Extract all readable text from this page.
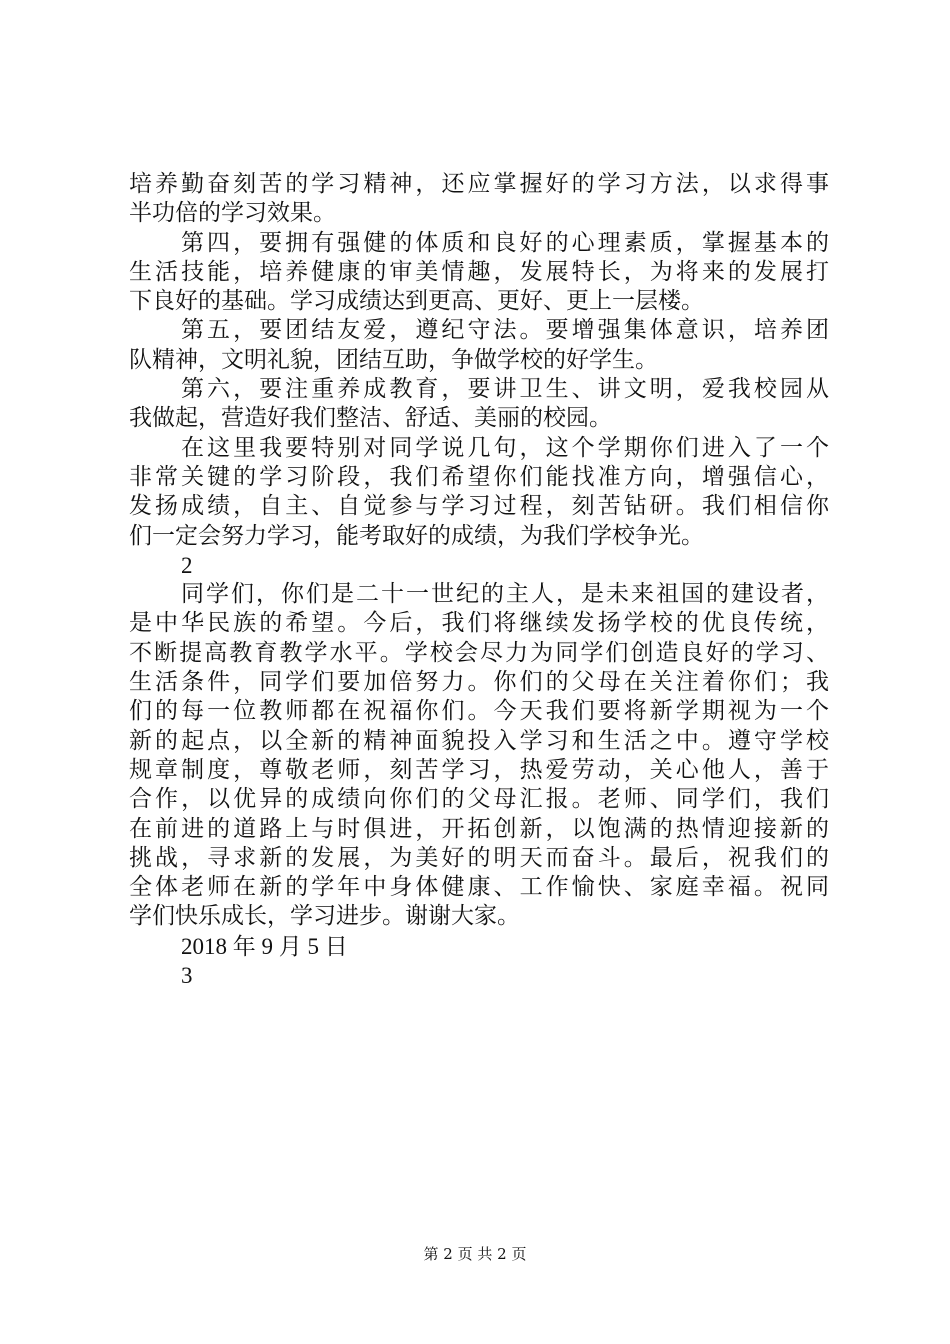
培养勤奋刻苦的学习精神，还应掌握好的学习方法，以求得事
半功倍的学习效果。
第四，要拥有强健的体质和良好的心理素质，掌握基本的
生活技能，培养健康的审美情趣，发展特长，为将来的发展打
下良好的基础。学习成绩达到更高、更好、更上一层楼。
第五，要团结友爱，遵纪守法。要增强集体意识，培养团
队精神，文明礼貌，团结互助，争做学校的好学生。
第六，要注重养成教育，要讲卫生、讲文明，爱我校园从
我做起，营造好我们整洁、舒适、美丽的校园。
在这里我要特别对同学说几句，这个学期你们进入了一个
非常关键的学习阶段，我们希望你们能找准方向，增强信心，
发扬成绩，自主、自觉参与学习过程，刻苦钻研。我们相信你
们一定会努力学习，能考取好的成绩，为我们学校争光。
2
同学们，你们是二十一世纪的主人，是未来祖国的建设者，
是中华民族的希望。今后，我们将继续发扬学校的优良传统，
不断提高教育教学水平。学校会尽力为同学们创造良好的学习、
生活条件，同学们要加倍努力。你们的父母在关注着你们；我
们的每一位教师都在祝福你们。今天我们要将新学期视为一个
新的起点，以全新的精神面貌投入学习和生活之中。遵守学校
规章制度，尊敬老师，刻苦学习，热爱劳动，关心他人，善于
合作，以优异的成绩向你们的父母汇报。老师、同学们，我们
在前进的道路上与时俱进，开拓创新，以饱满的热情迎接新的
挑战，寻求新的发展，为美好的明天而奋斗。最后，祝我们的
全体老师在新的学年中身体健康、工作愉快、家庭幸福。祝同
学们快乐成长，学习进步。谢谢大家。
2018 年 9 月 5 日
3
第 2 页 共 2 页
